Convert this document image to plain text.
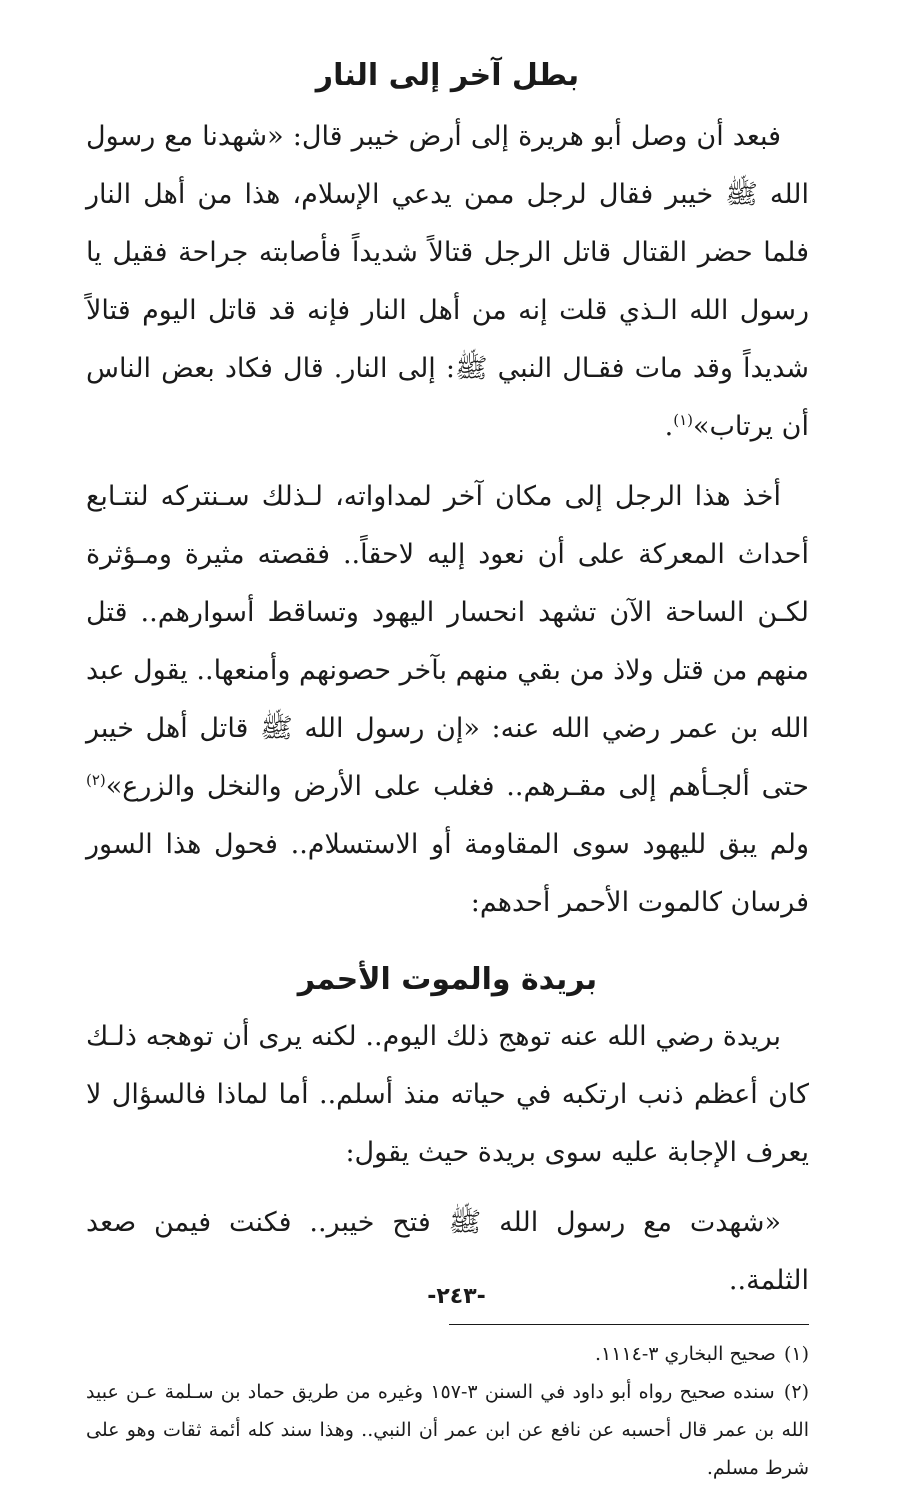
بطل آخر إلى النار

فبعد أن وصل أبو هريرة إلى أرض خيبر قال: «شهدنا مع رسول الله ﷺ خيبر فقال لرجل ممن يدعي الإسلام، هذا من أهل النار فلما حضر القتال قاتل الرجل قتالاً شديداً فأصابته جراحة فقيل يا رسول الله الـذي قلت إنه من أهل النار فإنه قد قاتل اليوم قتالاً شديداً وقد مات فقـال النبي ﷺ: إلى النار. قال فكاد بعض الناس أن يرتاب»$^{(١)}$.

أخذ هذا الرجل إلى مكان آخر لمداواته، لـذلك سـنتركه لنتـابع أحداث المعركة على أن نعود إليه لاحقاً.. فقصته مثيرة ومـؤثرة لكـن الساحة الآن تشهد انحسار اليهود وتساقط أسوارهم.. قتل منهم من قتل ولاذ من بقي منهم بآخر حصونهم وأمنعها.. يقول عبد الله بن عمر رضي الله عنه: «إن رسول الله ﷺ قاتل أهل خيبر حتى ألجـأهم إلى مقـرهم.. فغلب على الأرض والنخل والزرع»$^{(٢)}$ ولم يبق لليهود سوى المقاومة أو الاستسلام.. فحول هذا السور فرسان كالموت الأحمر أحدهم:

بريدة والموت الأحمر

بريدة رضي الله عنه توهج ذلك اليوم.. لكنه يرى أن توهجه ذلـك كان أعظم ذنب ارتكبه في حياته منذ أسلم.. أما لماذا فالسؤال لا يعرف الإجابة عليه سوى بريدة حيث يقول:

«شهدت مع رسول الله ﷺ فتح خيبر.. فكنت فيمن صعد الثلمة..

(١) صحيح البخاري ٣-١١١٤.

(٢) سنده صحيح رواه أبو داود في السنن ٣-١٥٧ وغيره من طريق حماد بن سـلمة عـن عبيد الله بن عمر قال أحسبه عن نافع عن ابن عمر أن النبي.. وهذا سند كله أئمة ثقات وهو على شرط مسلم.

-٢٤٣-
